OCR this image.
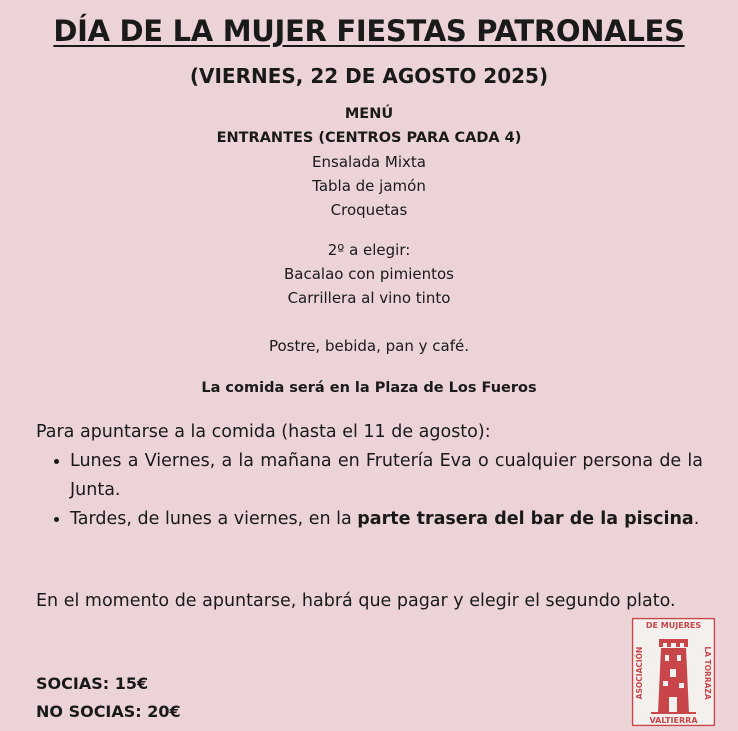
DÍA DE LA MUJER FIESTAS PATRONALES
(VIERNES, 22 DE AGOSTO 2025)
MENÚ
ENTRANTES (CENTROS PARA CADA 4)
Ensalada Mixta
Tabla de jamón
Croquetas
2º a elegir:
Bacalao con pimientos
Carrillera al vino tinto
Postre, bebida, pan y café.
La comida será en la Plaza de Los Fueros
Para apuntarse a la comida (hasta el 11 de agosto):
• Lunes a Viernes, a la mañana en Frutería Eva o cualquier persona de la Junta.
• Tardes, de lunes a viernes, en la parte trasera del bar de la piscina.
En el momento de apuntarse, habrá que pagar y elegir el segundo plato.
SOCIAS: 15€
NO SOCIAS: 20€
DE MUJERES
ASOCIACIÓN	LA TORRAZA
VALTIERRA
